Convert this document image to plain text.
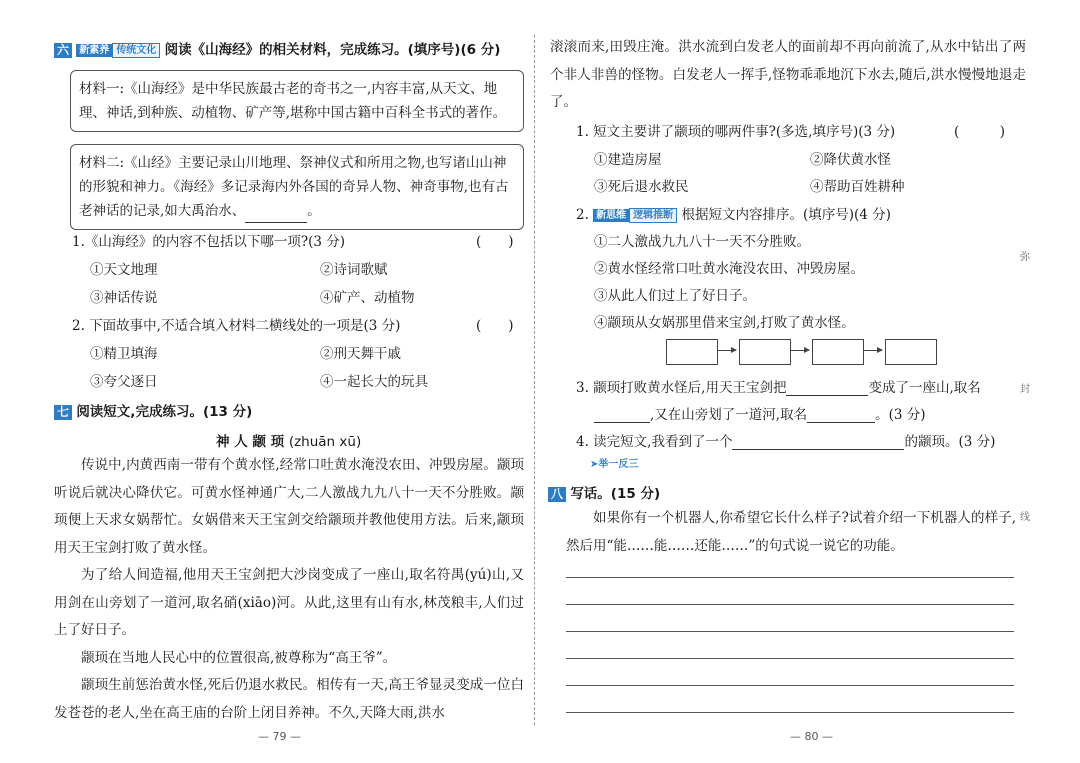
六 新素养 传统文化 阅读《山海经》的相关材料，完成练习。(填序号)(6 分)
材料一:《山海经》是中华民族最古老的奇书之一,内容丰富,从天文、地理、神话,到种族、动植物、矿产等,堪称中国古籍中百科全书式的著作。
材料二:《山经》主要记录山川地理、祭神仪式和所用之物,也写诸山山神的形貌和神力。《海经》多记录海内外各国的奇异人物、神奇事物,也有古老神话的记录,如大禹治水、	。
1.《山海经》的内容不包括以下哪一项?(3 分)	(　　)
①天文地理	②诗词歌赋
③神话传说	④矿产、动植物
2. 下面故事中,不适合填入材料二横线处的一项是(3 分)	(　　)
①精卫填海	②刑天舞干戚
③夸父逐日	④一起长大的玩具
七 阅读短文,完成练习。(13 分)
神 人 颛 顼 (zhuān xū)

传说中,内黄西南一带有个黄水怪,经常口吐黄水淹没农田、冲毁房屋。颛顼听说后就决心降伏它。可黄水怪神通广大,二人激战九九八十一天不分胜败。颛顼便上天求女娲帮忙。女娲借来天王宝剑交给颛顼并教他使用方法。后来,颛顼用天王宝剑打败了黄水怪。

为了给人间造福,他用天王宝剑把大沙岗变成了一座山,取名符禺(yú)山,又用剑在山旁划了一道河,取名硝(xiāo)河。从此,这里有山有水,林茂粮丰,人们过上了好日子。

颛顼在当地人民心中的位置很高,被尊称为“高王爷”。

颛顼生前惩治黄水怪,死后仍退水救民。相传有一天,高王爷显灵变成一位白发苍苍的老人,坐在高王庙的台阶上闭目养神。不久,天降大雨,洪水

— 79 —

滚滚而来,田毁庄淹。洪水流到白发老人的面前却不再向前流了,从水中钻出了两个非人非兽的怪物。白发老人一挥手,怪物乖乖地沉下水去,随后,洪水慢慢地退走了。

1. 短文主要讲了颛顼的哪两件事?(多选,填序号)(3 分)	(　　　)
①建造房屋	②降伏黄水怪
③死后退水救民	④帮助百姓耕种
2. 新思维 逻辑推断 根据短文内容排序。(填序号)(4 分)
①二人激战九九八十一天不分胜败。
②黄水怪经常口吐黄水淹没农田、冲毁房屋。
③从此人们过上了好日子。
④颛顼从女娲那里借来宝剑,打败了黄水怪。
3. 颛顼打败黄水怪后,用天王宝剑把	变成了一座山,取名
,又在山旁划了一道河,取名	。(3 分)
4. 读完短文,我看到了一个	的颛顼。(3 分)
➤举一反三
八 写话。(15 分)

如果你有一个机器人,你希望它长什么样子?试着介绍一下机器人的样子,然后用“能……能……还能……”的句式说一说它的功能。

— 80 —
弥
封
线
